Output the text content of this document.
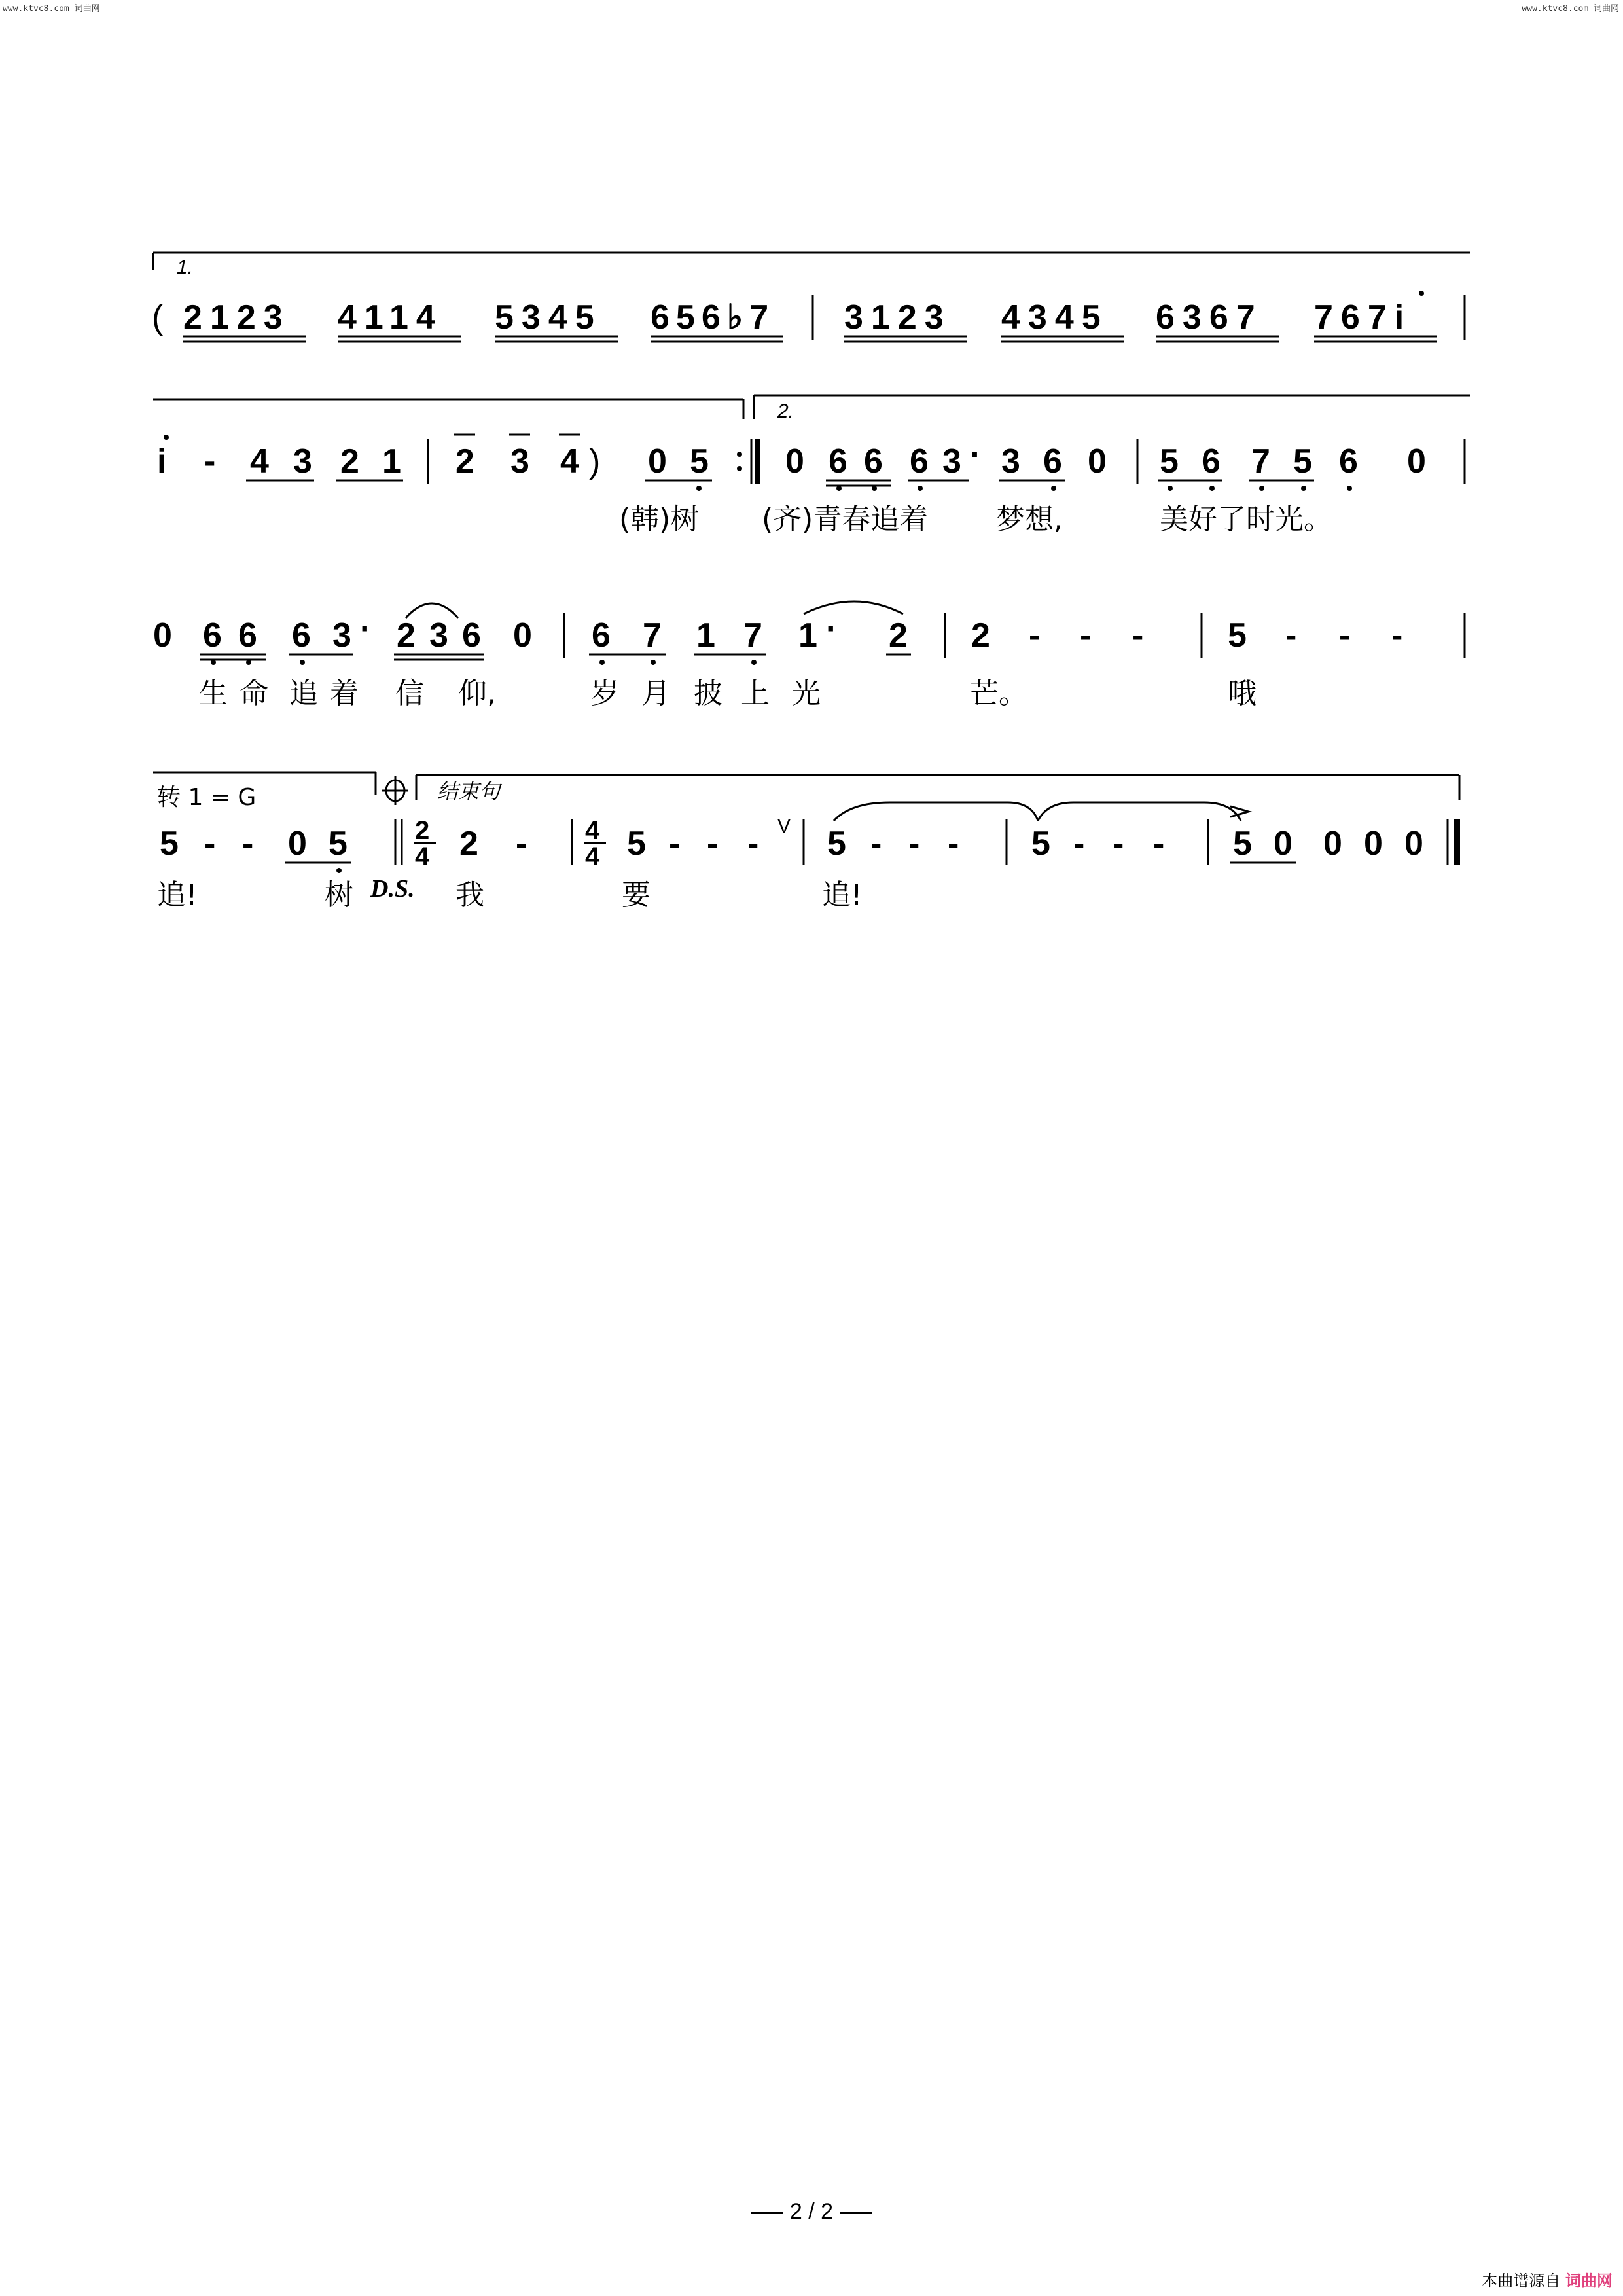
www.ktvc8.com 词曲网	www.ktvc8.com 词曲网
1.
( 2123 4114 5345 656♭7 3123 4345 6367 767i
2.
i - 4 3 2 1 2 3 4 ) 0 5 0 6 6 6 3 · 3 6 0 5 6 7 5 6 0
(韩)树 (齐)青春追着 梦想,	美好了时光。
0 6 6 6 3 · 2 3 6 0 6 7 1 7 1 · 2 2 - - - 5 - - -
生 命 追 着 信 仰,	岁 月 披 上 光	芒。	哦
转 1 = G	结束句
5 - - 0 5	2
4 2 - 4
4 5 - - - V 5 - - - 5 - - - 5 0 0 0 0
追!	树 D.S. 我	要	追!
2 / 2
本曲谱源自 词曲网
